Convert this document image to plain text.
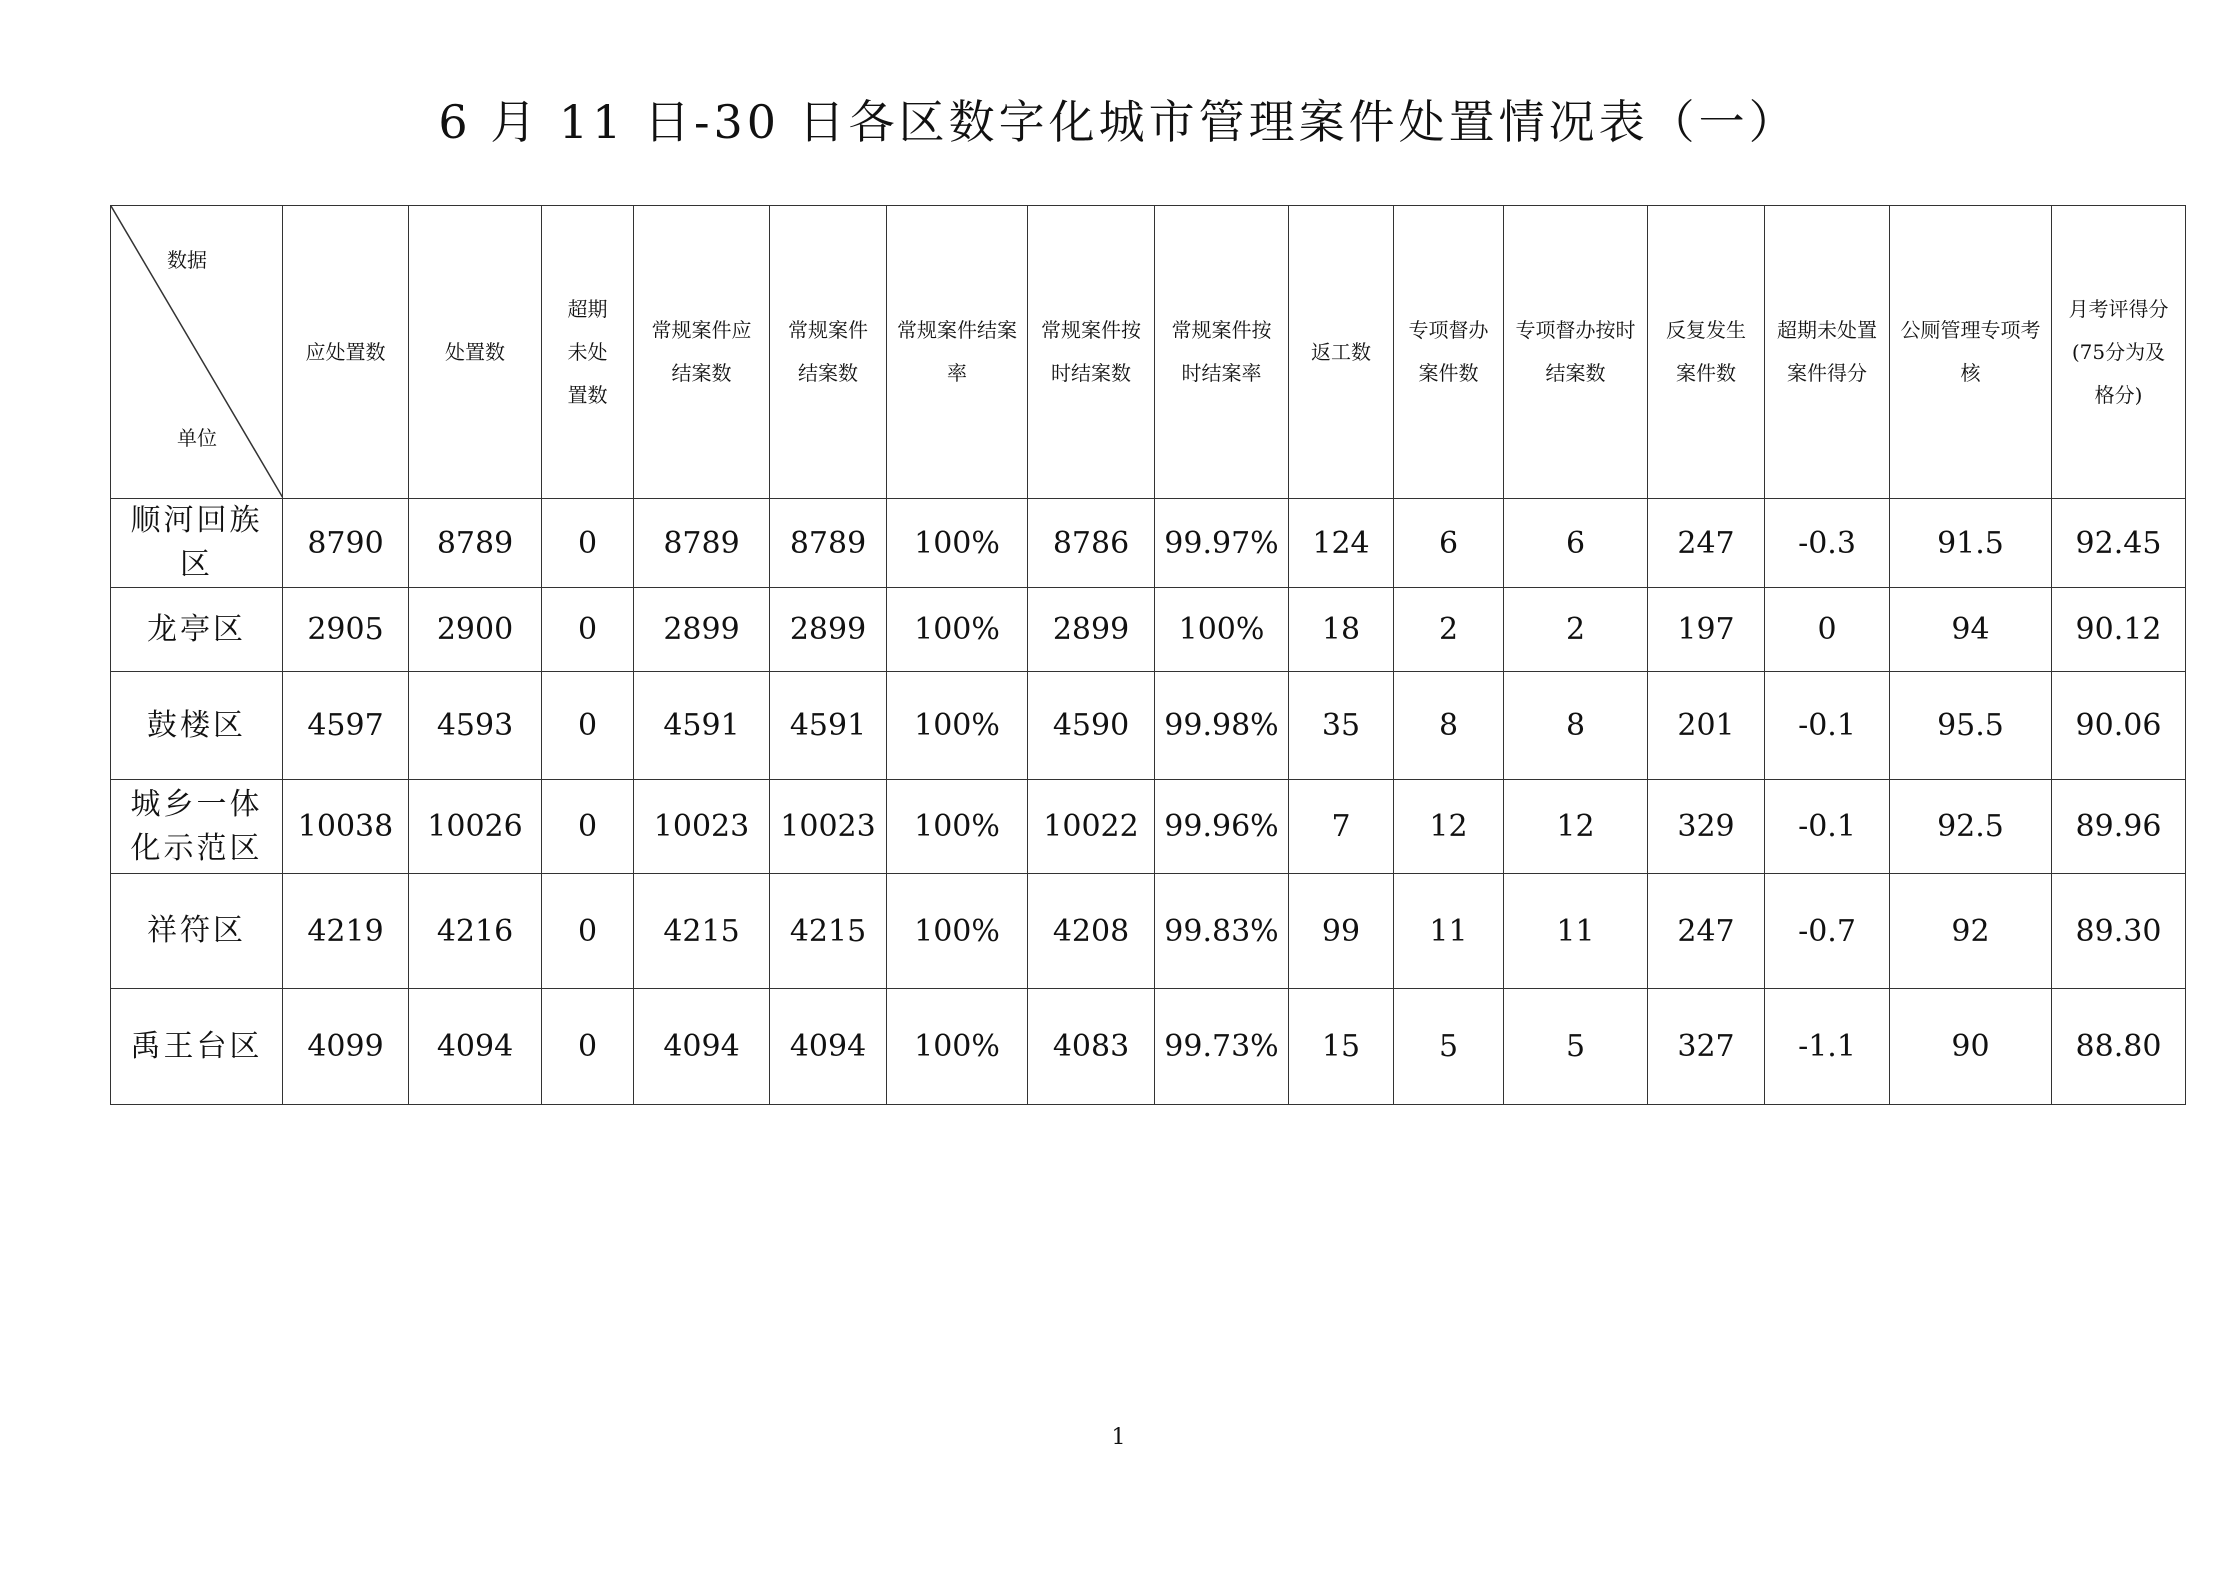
6 月 11 日-30 日各区数字化城市管理案件处置情况表（一）
数据
单位	应处置数	处置数	超期未处置数	常规案件应结案数	常规案件结案数	常规案件结案率	常规案件按时结案数	常规案件按时结案率	返工数	专项督办案件数	专项督办按时结案数	反复发生案件数	超期未处置案件得分	公厕管理专项考核	月考评得分(75分为及格分)
顺河回族区	8790	8789	0	8789	8789	100%	8786	99.97%	124	6	6	247	-0.3	91.5	92.45
龙亭区	2905	2900	0	2899	2899	100%	2899	100%	18	2	2	197	0	94	90.12
鼓楼区	4597	4593	0	4591	4591	100%	4590	99.98%	35	8	8	201	-0.1	95.5	90.06
城乡一体化示范区	10038	10026	0	10023	10023	100%	10022	99.96%	7	12	12	329	-0.1	92.5	89.96
祥符区	4219	4216	0	4215	4215	100%	4208	99.83%	99	11	11	247	-0.7	92	89.30
禹王台区	4099	4094	0	4094	4094	100%	4083	99.73%	15	5	5	327	-1.1	90	88.80
1
